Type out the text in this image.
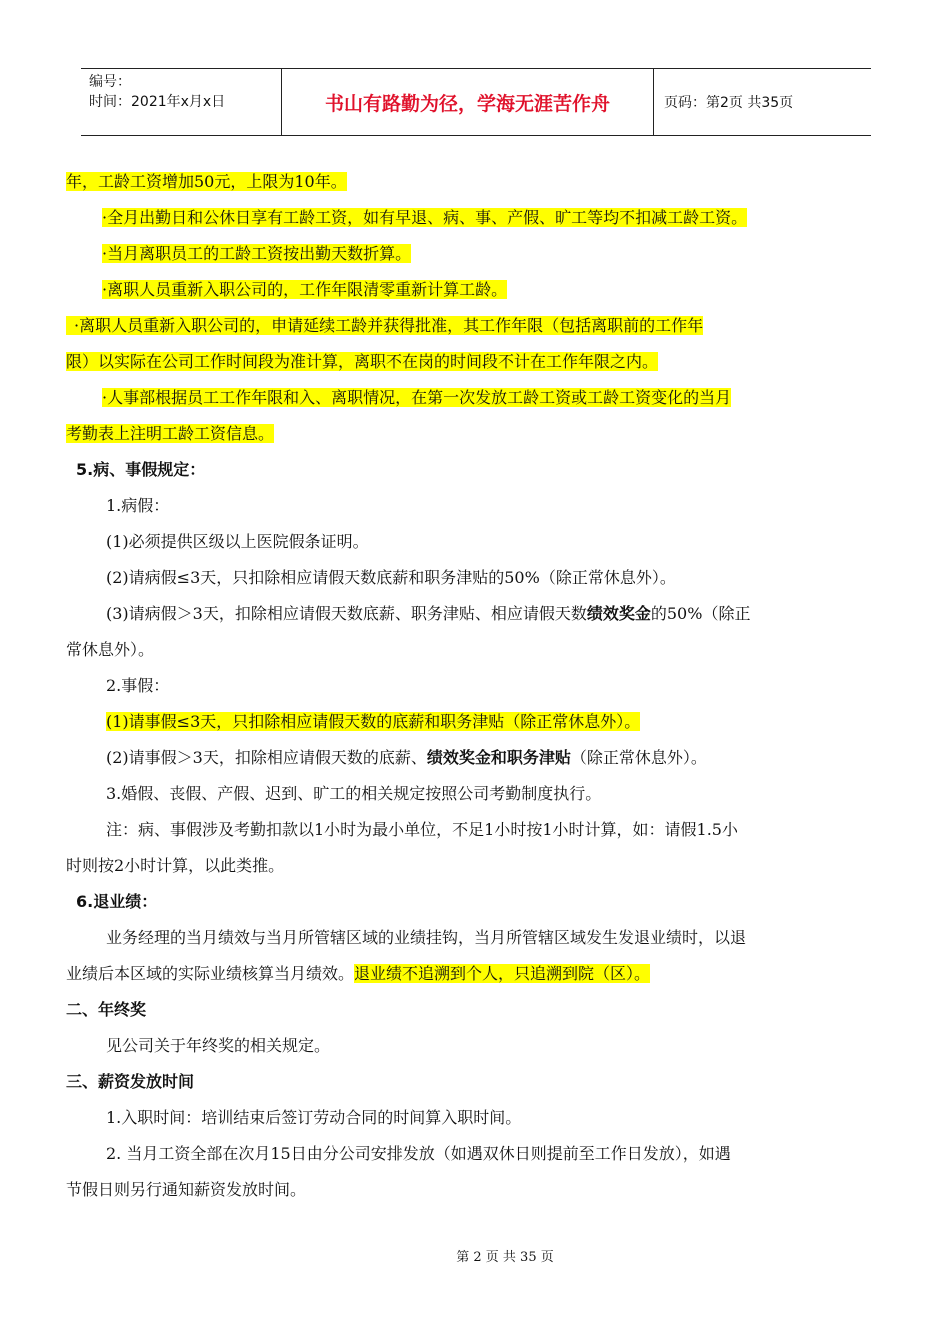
编号：
时间：2021年x月x日	书山有路勤为径，学海无涯苦作舟	页码：第2页 共35页

年，工龄工资增加50元，上限为10年。

·全月出勤日和公休日享有工龄工资，如有早退、病、事、产假、旷工等均不扣减工龄工资。

·当月离职员工的工龄工资按出勤天数折算。

·离职人员重新入职公司的，工作年限清零重新计算工龄。

·离职人员重新入职公司的，申请延续工龄并获得批准，其工作年限（包括离职前的工作年

限）以实际在公司工作时间段为准计算，离职不在岗的时间段不计在工作年限之内。

·人事部根据员工工作年限和入、离职情况，在第一次发放工龄工资或工龄工资变化的当月

考勤表上注明工龄工资信息。

5.病、事假规定：

1.病假：

(1)必须提供区级以上医院假条证明。

(2)请病假≤3天，只扣除相应请假天数底薪和职务津贴的50%（除正常休息外）。

(3)请病假＞3天，扣除相应请假天数底薪、职务津贴、相应请假天数绩效奖金的50%（除正

常休息外）。

2.事假：

(1)请事假≤3天，只扣除相应请假天数的底薪和职务津贴（除正常休息外）。

(2)请事假＞3天，扣除相应请假天数的底薪、绩效奖金和职务津贴（除正常休息外）。

3.婚假、丧假、产假、迟到、旷工的相关规定按照公司考勤制度执行。

注：病、事假涉及考勤扣款以1小时为最小单位，不足1小时按1小时计算，如：请假1.5小

时则按2小时计算，以此类推。

6.退业绩：

业务经理的当月绩效与当月所管辖区域的业绩挂钩，当月所管辖区域发生发退业绩时，以退

业绩后本区域的实际业绩核算当月绩效。退业绩不追溯到个人，只追溯到院（区）。

二、年终奖

见公司关于年终奖的相关规定。

三、薪资发放时间

1.入职时间：培训结束后签订劳动合同的时间算入职时间。

2. 当月工资全部在次月15日由分公司安排发放（如遇双休日则提前至工作日发放），如遇

节假日则另行通知薪资发放时间。

第 2 页 共 35 页
